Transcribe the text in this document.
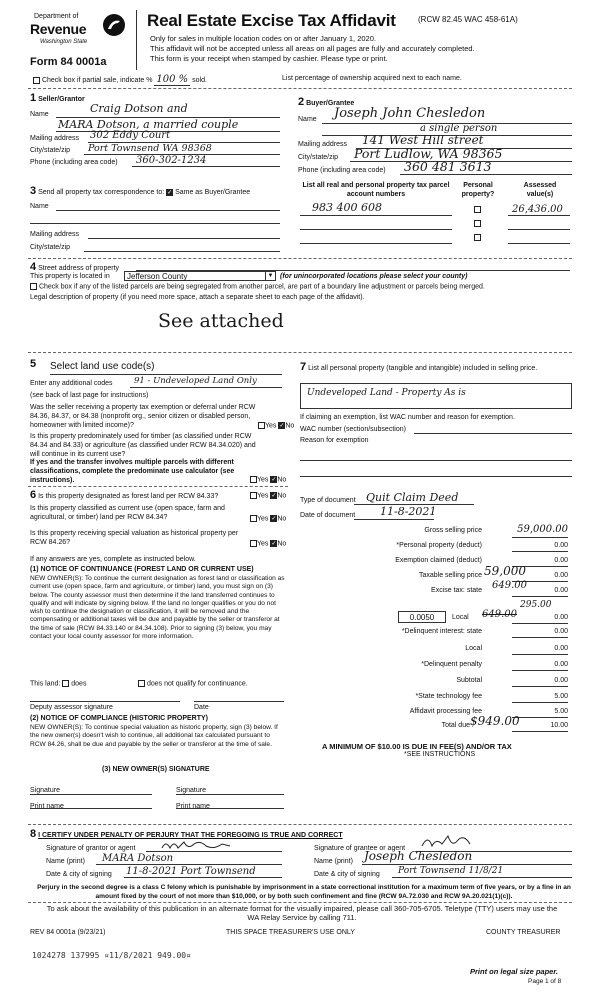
Department of
Revenue
Washington State
Form 84 0001a
Real Estate Excise Tax Affidavit	(RCW 82.45 WAC 458-61A)
Only for sales in multiple location codes on or after January 1, 2020.
This affidavit will not be accepted unless all areas on all pages are fully and accurately completed.
This form is your receipt when stamped by cashier. Please type or print.
Check box if partial sale, indicate % 100 % sold.	List percentage of ownership acquired next to each name.
1 Seller/Grantor
Name	Craig Dotson and
MARA Dotson, a married couple
Mailing address 302 Eddy Court
City/state/zip Port Townsend WA 98368
Phone (including area code) 360-302-1234
2 Buyer/Grantee
Name Joseph John Chesledon
a single person
Mailing address 141 West Hill street
City/state/zip Port Ludlow, WA 98365
Phone (including area code) 360 481 3613
3 Send all property tax correspondence to: ✓ Same as Buyer/Grantee
Name
Mailing address
City/state/zip
List all real and personal property tax parcel account numbers
Personal property?
Assessed value(s)
983 400 608	26,436.00
4 Street address of property
This property is located in Jefferson County	▼ (for unincorporated locations please select your county)
Check box if any of the listed parcels are being segregated from another parcel, are part of a boundary line adjustment or parcels being merged.
Legal description of property (if you need more space, attach a separate sheet to each page of the affidavit).
See attached
5 Select land use code(s)
Enter any additional codes	91 - Undeveloped Land Only
(see back of last page for instructions)
Was the seller receiving a property tax exemption or deferral under RCW 84.36, 84.37, or 84.38 (nonprofit org., senior citizen or disabled person, homeowner with limited income)?	Yes ✓No
Is this property predominately used for timber (as classified under RCW 84.34 and 84.33) or agriculture (as classified under RCW 84.34.020) and will continue in its current use?
If yes and the transfer involves multiple parcels with different classifications, complete the predominate use calculator (see instructions).	Yes ✓No
6 Is this property designated as forest land per RCW 84.33?	Yes ✓No
Is this property classified as current use (open space, farm and agricultural, or timber) land per RCW 84.34?	Yes ✓No
Is this property receiving special valuation as historical property per RCW 84.26?	Yes ✓No
If any answers are yes, complete as instructed below.
(1) NOTICE OF CONTINUANCE (FOREST LAND OR CURRENT USE)
NEW OWNER(S): To continue the current designation as forest land or classification as current use (open space, farm and agriculture, or timber) land, you must sign on (3) below. The county assessor must then determine if the land transferred continues to qualify and will indicate by signing below. If the land no longer qualifies or you do not wish to continue the designation or classification, it will be removed and the compensating or additional taxes will be due and payable by the seller or transferor at the time of sale (RCW 84.33.140 or 84.34.108). Prior to signing (3) below, you may contact your local county assessor for more information.
This land: does	does not qualify for continuance.
Deputy assessor signature	Date
(2) NOTICE OF COMPLIANCE (HISTORIC PROPERTY)
NEW OWNER(S): To continue special valuation as historic property, sign (3) below. If the new owner(s) doesn't wish to continue, all additional tax calculated pursuant to RCW 84.26, shall be due and payable by the seller or transferor at the time of sale.
(3) NEW OWNER(S) SIGNATURE
Signature	Signature
Print name	Print name
7 List all personal property (tangible and intangible) included in selling price.
Undeveloped Land - Property As is
If claiming an exemption, list WAC number and reason for exemption.
WAC number (section/subsection)
Reason for exemption
Type of document Quit Claim Deed
Date of document 11-8-2021
Gross selling price	59,000.00
*Personal property (deduct)	0.00
Exemption claimed (deduct)	0.00
Taxable selling price 59,000	0.00
Excise tax: state 649.00	0.00
0.0050	Local
295.00
649.00	0.00
*Delinquent interest: state	0.00
Local	0.00
*Delinquent penalty	0.00
Subtotal	0.00
*State technology fee	5.00
Affidavit processing fee	5.00
Total due $949.00	10.00
A MINIMUM OF $10.00 IS DUE IN FEE(S) AND/OR TAX
*SEE INSTRUCTIONS
8 I CERTIFY UNDER PENALTY OF PERJURY THAT THE FOREGOING IS TRUE AND CORRECT
Signature of grantor or agent
Name (print) MARA Dotson
Date & city of signing 11-8-2021 Port Townsend
Signature of grantee or agent
Name (print) Joseph Chesledon
Date & city of signing Port Townsend 11/8/21
Perjury in the second degree is a class C felony which is punishable by imprisonment in a state correctional institution for a maximum term of five years, or by a fine in an amount fixed by the court of not more than $10,000, or by both such confinement and fine (RCW 9A.72.030 and RCW 9A.20.021(1)(c)).
To ask about the availability of this publication in an alternate format for the visually impaired, please call 360-705-6705. Teletype (TTY) users may use the WA Relay Service by calling 711.
REV 84 0001a (9/23/21)	THIS SPACE TREASURER'S USE ONLY	COUNTY TREASURER
1024278 137995 ¤11/8/2021 949.00¤
Print on legal size paper.
Page 1 of 8
